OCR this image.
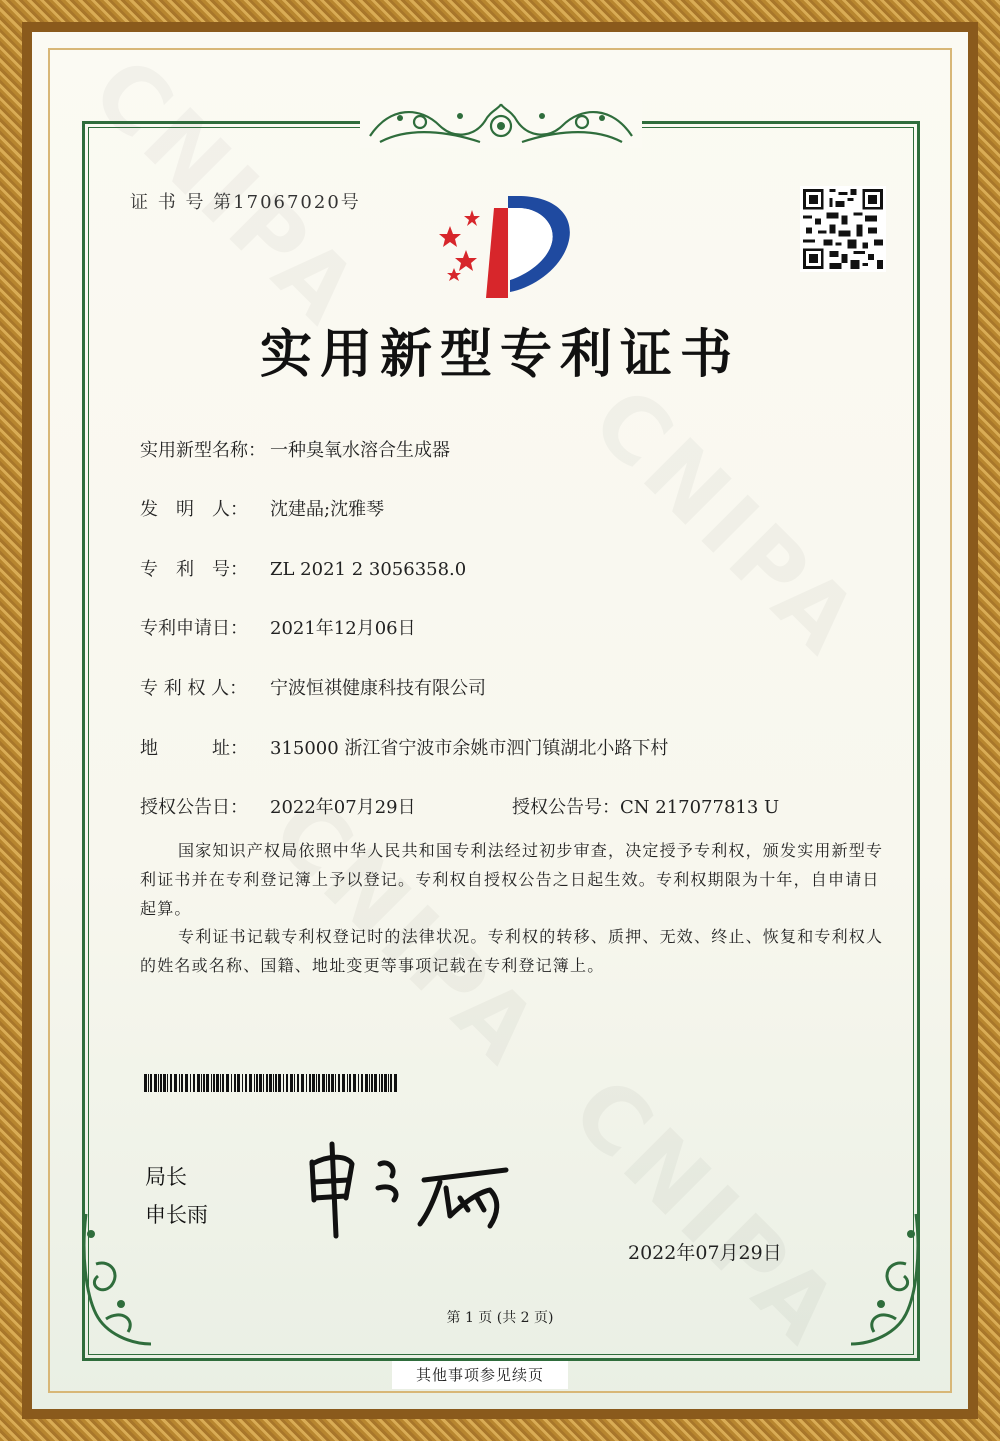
证 书 号 第17067020号
实用新型专利证书
实用新型名称： 一种臭氧水溶合生成器
发　明　人： 沈建晶;沈雅琴
专　利　号： ZL 2021 2 3056358.0
专利申请日： 2021年12月06日
专 利 权 人： 宁波恒祺健康科技有限公司
地　　　址： 315000 浙江省宁波市余姚市泗门镇湖北小路下村
授权公告日： 2022年07月29日	授权公告号：CN 217077813 U
国家知识产权局依照中华人民共和国专利法经过初步审查，决定授予专利权，颁发实用新型专利证书并在专利登记簿上予以登记。专利权自授权公告之日起生效。专利权期限为十年，自申请日起算。
专利证书记载专利权登记时的法律状况。专利权的转移、质押、无效、终止、恢复和专利权人的姓名或名称、国籍、地址变更等事项记载在专利登记簿上。
局长
申长雨
2022年07月29日
第 1 页 (共 2 页)
其他事项参见续页
